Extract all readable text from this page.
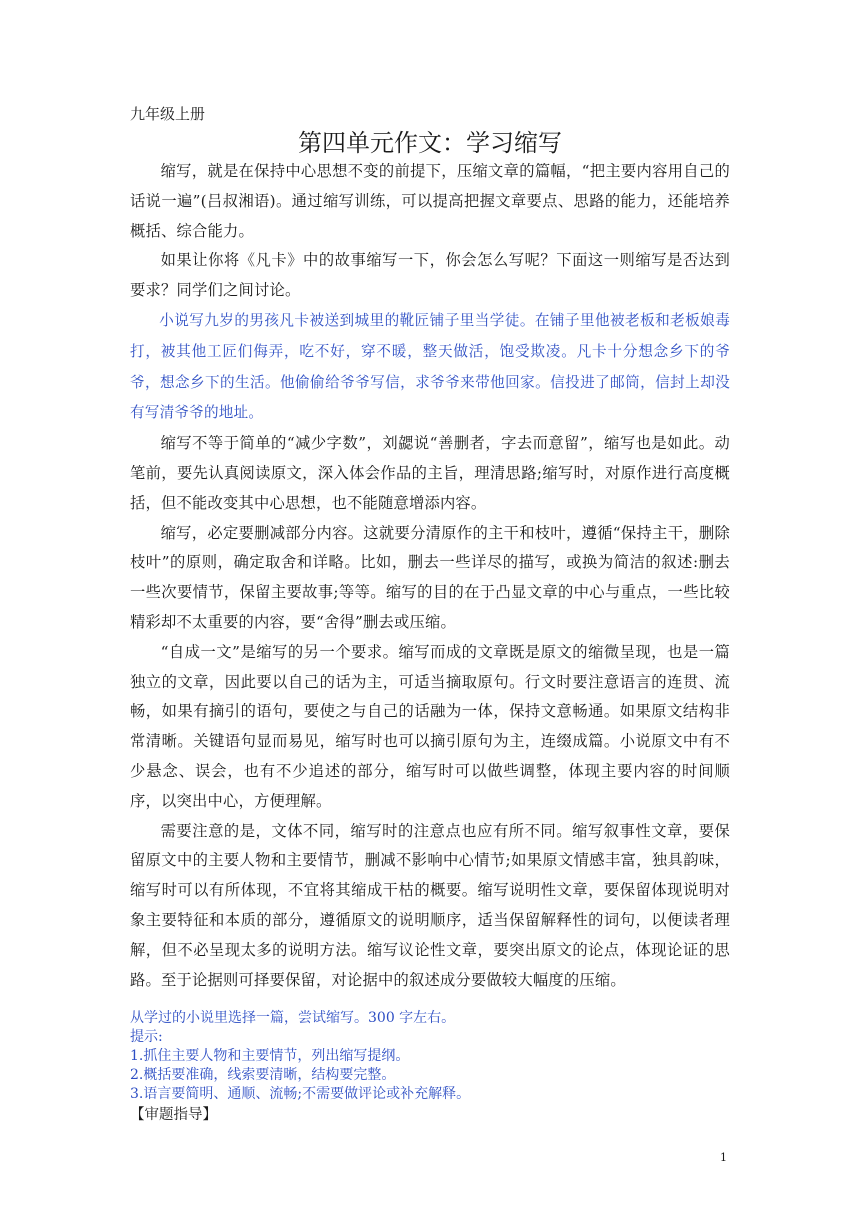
九年级上册
第四单元作文：学习缩写

缩写，就是在保持中心思想不变的前提下，压缩文章的篇幅，“把主要内容用自己的话说一遍”(吕叔湘语)。通过缩写训练，可以提高把握文章要点、思路的能力，还能培养概括、综合能力。

如果让你将《凡卡》中的故事缩写一下，你会怎么写呢？下面这一则缩写是否达到要求？同学们之间讨论。

小说写九岁的男孩凡卡被送到城里的靴匠铺子里当学徒。在铺子里他被老板和老板娘毒打，被其他工匠们侮弄，吃不好，穿不暖，整天做活，饱受欺凌。凡卡十分想念乡下的爷爷，想念乡下的生活。他偷偷给爷爷写信，求爷爷来带他回家。信投进了邮筒，信封上却没有写清爷爷的地址。

缩写不等于简单的“减少字数”，刘勰说“善删者，字去而意留”，缩写也是如此。动笔前，要先认真阅读原文，深入体会作品的主旨，理清思路;缩写时，对原作进行高度概括，但不能改变其中心思想，也不能随意增添内容。

缩写，必定要删减部分内容。这就要分清原作的主干和枝叶，遵循“保持主干，删除枝叶”的原则，确定取舍和详略。比如，删去一些详尽的描写，或换为简洁的叙述:删去一些次要情节，保留主要故事;等等。缩写的目的在于凸显文章的中心与重点，一些比较精彩却不太重要的内容，要“舍得”删去或压缩。

“自成一文”是缩写的另一个要求。缩写而成的文章既是原文的缩微呈现，也是一篇独立的文章，因此要以自己的话为主，可适当摘取原句。行文时要注意语言的连贯、流畅，如果有摘引的语句，要使之与自己的话融为一体，保持文意畅通。如果原文结构非常清晰。关键语句显而易见，缩写时也可以摘引原句为主，连缀成篇。小说原文中有不少悬念、误会，也有不少追述的部分，缩写时可以做些调整，体现主要内容的时间顺序，以突出中心，方便理解。

需要注意的是，文体不同，缩写时的注意点也应有所不同。缩写叙事性文章，要保留原文中的主要人物和主要情节，删减不影响中心情节;如果原文情感丰富，独具韵味，缩写时可以有所体现，不宜将其缩成干枯的概要。缩写说明性文章，要保留体现说明对象主要特征和本质的部分，遵循原文的说明顺序，适当保留解释性的词句，以便读者理解，但不必呈现太多的说明方法。缩写议论性文章，要突出原文的论点，体现论证的思路。至于论据则可择要保留，对论据中的叙述成分要做较大幅度的压缩。

从学过的小说里选择一篇，尝试缩写。300 字左右。
提示:
1.抓住主要人物和主要情节，列出缩写提纲。
2.概括要准确，线索要清晰，结构要完整。
3.语言要简明、通顺、流畅;不需要做评论或补充解释。
【审题指导】
1
